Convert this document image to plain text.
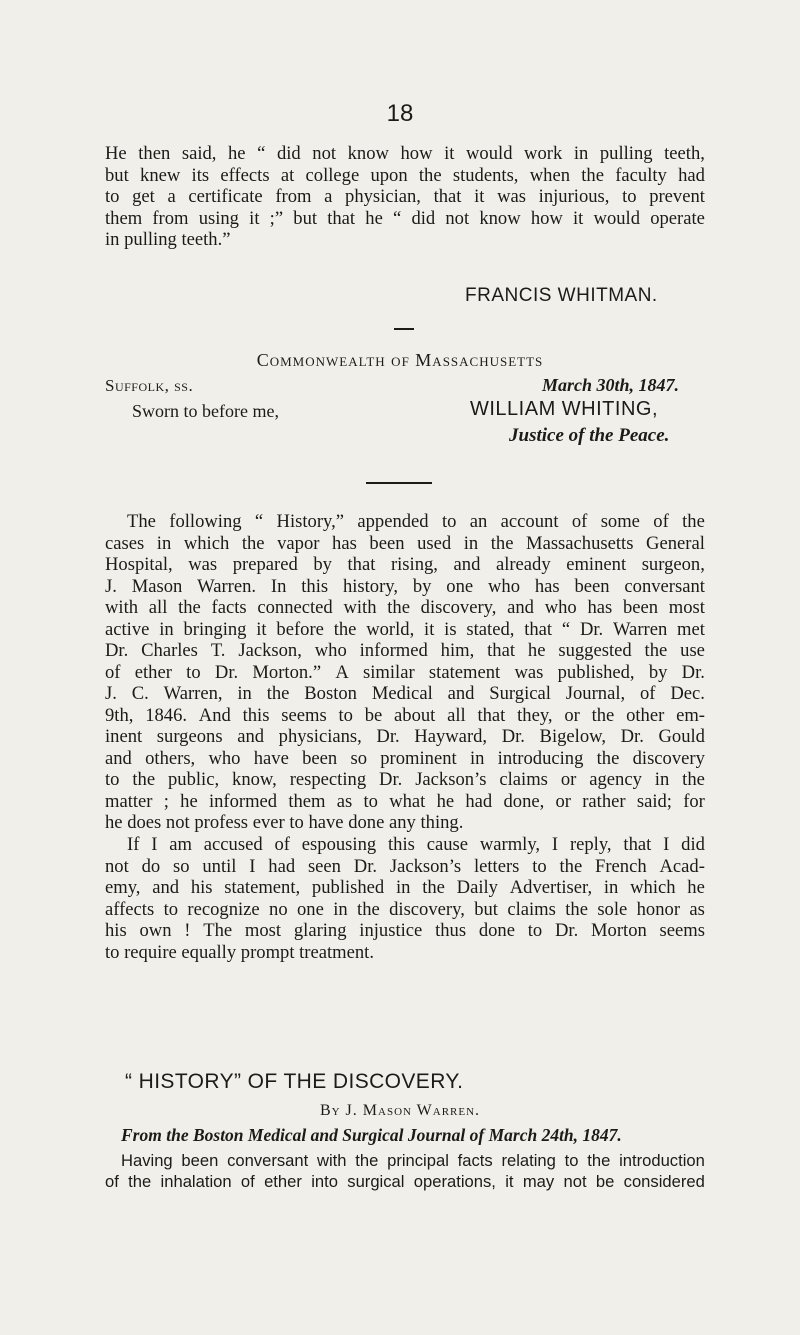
18
He then said, he “ did not know how it would work in pulling teeth,
but knew its effects at college upon the students, when the faculty had
to get a certificate from a physician, that it was injurious, to prevent
them from using it ;” but that he “ did not know how it would operate
in pulling teeth.”
FRANCIS WHITMAN.
Commonwealth of Massachusetts
Suffolk, ss.	March 30th, 1847.
Sworn to before me,	WILLIAM WHITING,
Justice of the Peace.
The following “ History,” appended to an account of some of the
cases in which the vapor has been used in the Massachusetts General
Hospital, was prepared by that rising, and already eminent surgeon,
J. Mason Warren. In this history, by one who has been conversant
with all the facts connected with the discovery, and who has been most
active in bringing it before the world, it is stated, that “ Dr. Warren met
Dr. Charles T. Jackson, who informed him, that he suggested the use
of ether to Dr. Morton.” A similar statement was published, by Dr.
J. C. Warren, in the Boston Medical and Surgical Journal, of Dec.
9th, 1846. And this seems to be about all that they, or the other em-
inent surgeons and physicians, Dr. Hayward, Dr. Bigelow, Dr. Gould
and others, who have been so prominent in introducing the discovery
to the public, know, respecting Dr. Jackson’s claims or agency in the
matter ; he informed them as to what he had done, or rather said; for
he does not profess ever to have done any thing.
If I am accused of espousing this cause warmly, I reply, that I did
not do so until I had seen Dr. Jackson’s letters to the French Acad-
emy, and his statement, published in the Daily Advertiser, in which he
affects to recognize no one in the discovery, but claims the sole honor as
his own ! The most glaring injustice thus done to Dr. Morton seems
to require equally prompt treatment.
“ HISTORY” OF THE DISCOVERY.
By J. Mason Warren.
From the Boston Medical and Surgical Journal of March 24th, 1847.
Having been conversant with the principal facts relating to the introduction
of the inhalation of ether into surgical operations, it may not be considered
